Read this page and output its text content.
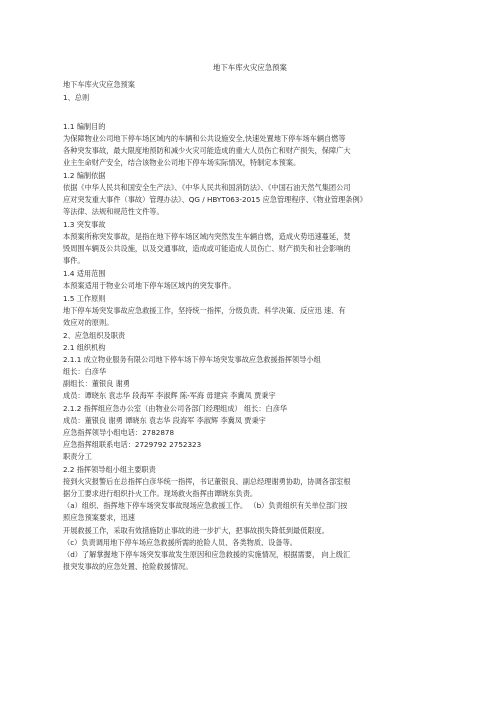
地下车库火灾应急预案
地下车库火灾应急预案
1、总则
1.1 编制目的
为保障物业公司地下停车场区域内的车辆和公共设施安全,快速处置地下停车场车辆自燃等
各种突发事故，最大限度地预防和减少火灾可能造成的重大人员伤亡和财产损失，保障广大
业主生命财产安全，结合该物业公司地下停车场实际情况，特制定本预案。
1.2 编制依据
依据《中华人民共和国安全生产法》、《中华人民共和国消防法》、《中国石油天然气集团公司
应对突发重大事件（事故）管理办法》、QG / HBYT063-2015 应急管理程序、《物业管理条例》
等法律、法规和规范性文件等。
1.3 突发事故
本预案所称突发事故，是指在地下停车场区域内突然发生车辆自燃，造成火势迅速蔓延，焚
毁周围车辆及公共设施，以及交通事故，造成或可能造成人员伤亡、财产损失和社会影响的
事件。
1.4 适用范围
本预案适用于物业公司地下停车场区域内的突发事件。
1.5 工作原则
地下停车场突发事故应急救援工作，坚持统一指挥，分级负责、科学决策、反应迅 速、有
效应对的原则。
2、应急组织及职责
2.1 组织机构
2.1.1 成立物业服务有限公司地下停车场下停车场突发事故应急救援指挥领导小组
组长：白彦华
副组长：董银良 谢勇
成员：谭晓东 袁志华 段海军 李淑辉 陈-军海 毋建宾 李冀凤 贾秉宇
2.1.2 指挥组应急办公室（由物业公司各部门经理组成） 组长：白彦华
成员：董银良 谢勇 谭晓东 袁志华 段海军 李淑辉 李冀凤 贾秉宇
应急指挥领导小组电话：2782878
应急指挥组联系电话：2729792 2752323
职责分工
2.2 指挥领导组小组主要职责
接到火灾报警后在总指挥白彦华统一指挥，书记董银良、副总经理谢勇协助，协调各部室根
据分工要求进行组织扑火工作。现场救火指挥由谭晓东负责。
（a）组织、指挥地下停车场突发事故现场应急救援工作。 （b）负责组织有关单位部门按
照应急预案要求，迅速
开展救援工作，采取有效措施防止事故的进一步扩大，把事故损失降低到最低限度。
（c）负责调用地下停车场应急救援所需的抢险人员、各类物质、设备等。
（d）了解掌握地下停车场突发事故发生原因和应急救援的实施情况，根据需要， 向上级汇
报突发事故的应急处置、抢险救援情况。
